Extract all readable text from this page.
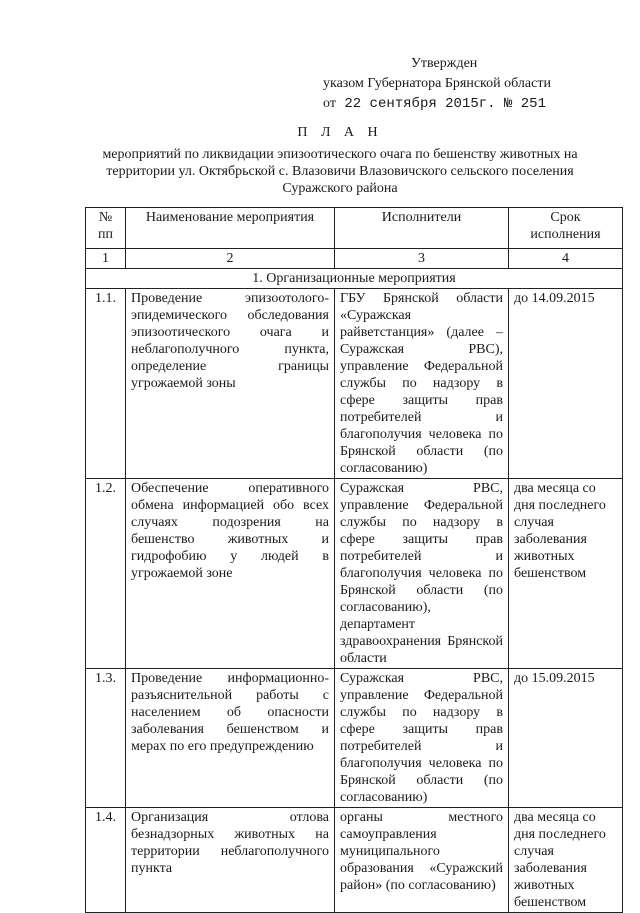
Утвержден
указом Губернатора Брянской области
от 22 сентября 2015г. № 251
П Л А Н
мероприятий по ликвидации эпизоотического очага по бешенству животных на территории ул. Октябрьской с. Влазовичи Влазовичского сельского поселения Суражского района
№ пп	Наименование мероприятия	Исполнители	Срок исполнения
1	2	3	4
1. Организационные мероприятия			
1.1.	Проведение эпизоотолого-эпидемического обследования эпизоотического очага и неблагополучного пункта, определение границы угрожаемой зоны	ГБУ Брянской области «Суражская райветстанция» (далее – Суражская РВС), управление Федеральной службы по надзору в сфере защиты прав потребителей и благополучия человека по Брянской области (по согласованию)	до 14.09.2015
1.2.	Обеспечение оперативного обмена информацией обо всех случаях подозрения на бешенство животных и гидрофобию у людей в угрожаемой зоне	Суражская РВС, управление Федеральной службы по надзору в сфере защиты прав потребителей и благополучия человека по Брянской области (по согласованию), департамент здравоохранения Брянской области	два месяца со дня последнего случая заболевания животных бешенством
1.3.	Проведение информационно-разъяснительной работы с населением об опасности заболевания бешенством и мерах по его предупреждению	Суражская РВС, управление Федеральной службы по надзору в сфере защиты прав потребителей и благополучия человека по Брянской области (по согласованию)	до 15.09.2015
1.4.	Организация отлова безнадзорных животных на территории неблагополучного пункта	органы местного самоуправления муниципального образования «Суражский район» (по согласованию)	два месяца со дня последнего случая заболевания животных бешенством
